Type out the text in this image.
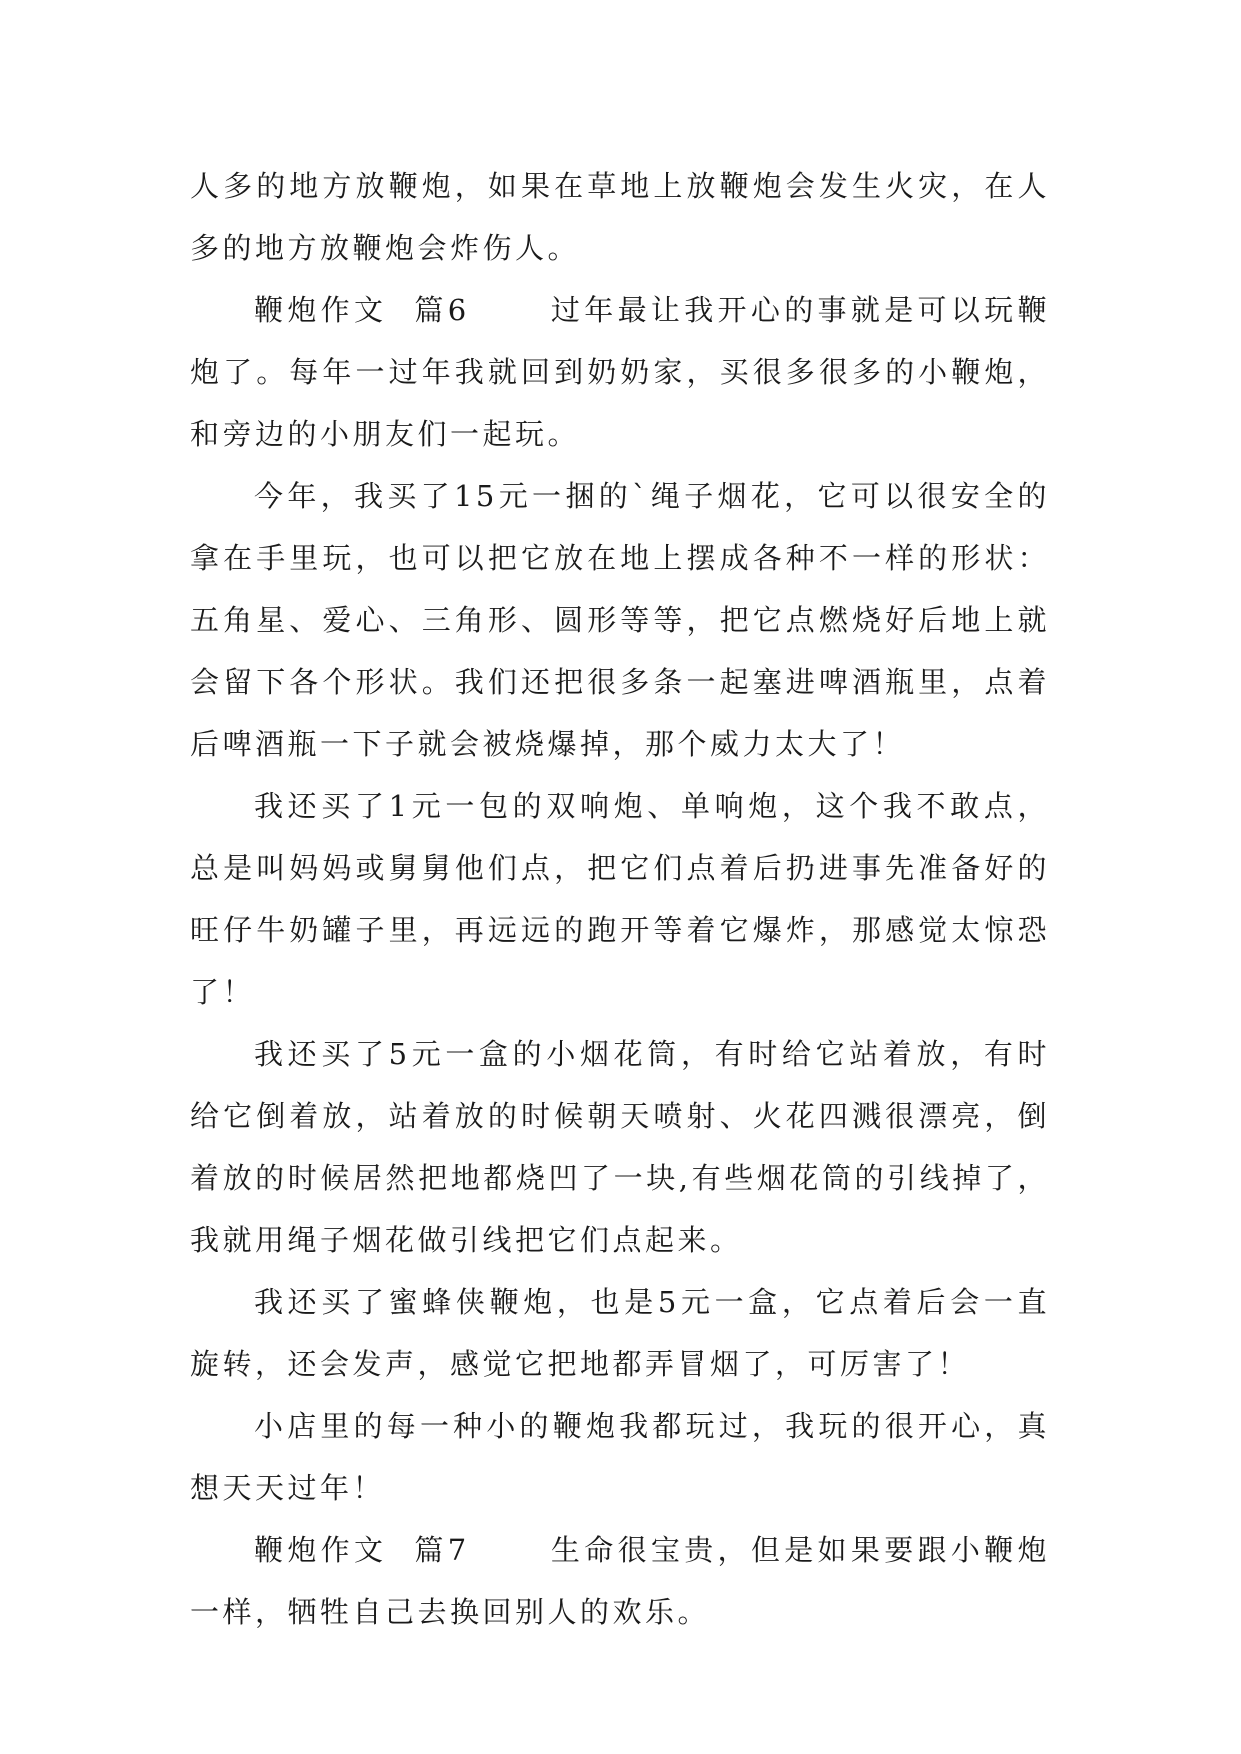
人多的地方放鞭炮，如果在草地上放鞭炮会发生火灾，在人多的地方放鞭炮会炸伤人。

鞭炮作文  篇6      过年最让我开心的事就是可以玩鞭炮了。每年一过年我就回到奶奶家，买很多很多的小鞭炮，和旁边的小朋友们一起玩。

今年，我买了15元一捆的`绳子烟花，它可以很安全的拿在手里玩，也可以把它放在地上摆成各种不一样的形状：五角星、爱心、三角形、圆形等等，把它点燃烧好后地上就会留下各个形状。我们还把很多条一起塞进啤酒瓶里，点着后啤酒瓶一下子就会被烧爆掉，那个威力太大了！

我还买了1元一包的双响炮、单响炮，这个我不敢点，总是叫妈妈或舅舅他们点，把它们点着后扔进事先准备好的旺仔牛奶罐子里，再远远的跑开等着它爆炸，那感觉太惊恐了！

我还买了5元一盒的小烟花筒，有时给它站着放，有时给它倒着放，站着放的时候朝天喷射、火花四溅很漂亮，倒着放的时候居然把地都烧凹了一块,有些烟花筒的引线掉了，我就用绳子烟花做引线把它们点起来。

我还买了蜜蜂侠鞭炮，也是5元一盒，它点着后会一直旋转，还会发声，感觉它把地都弄冒烟了，可厉害了！

小店里的每一种小的鞭炮我都玩过，我玩的很开心，真想天天过年！

鞭炮作文  篇7      生命很宝贵，但是如果要跟小鞭炮一样，牺牲自己去换回别人的欢乐。
